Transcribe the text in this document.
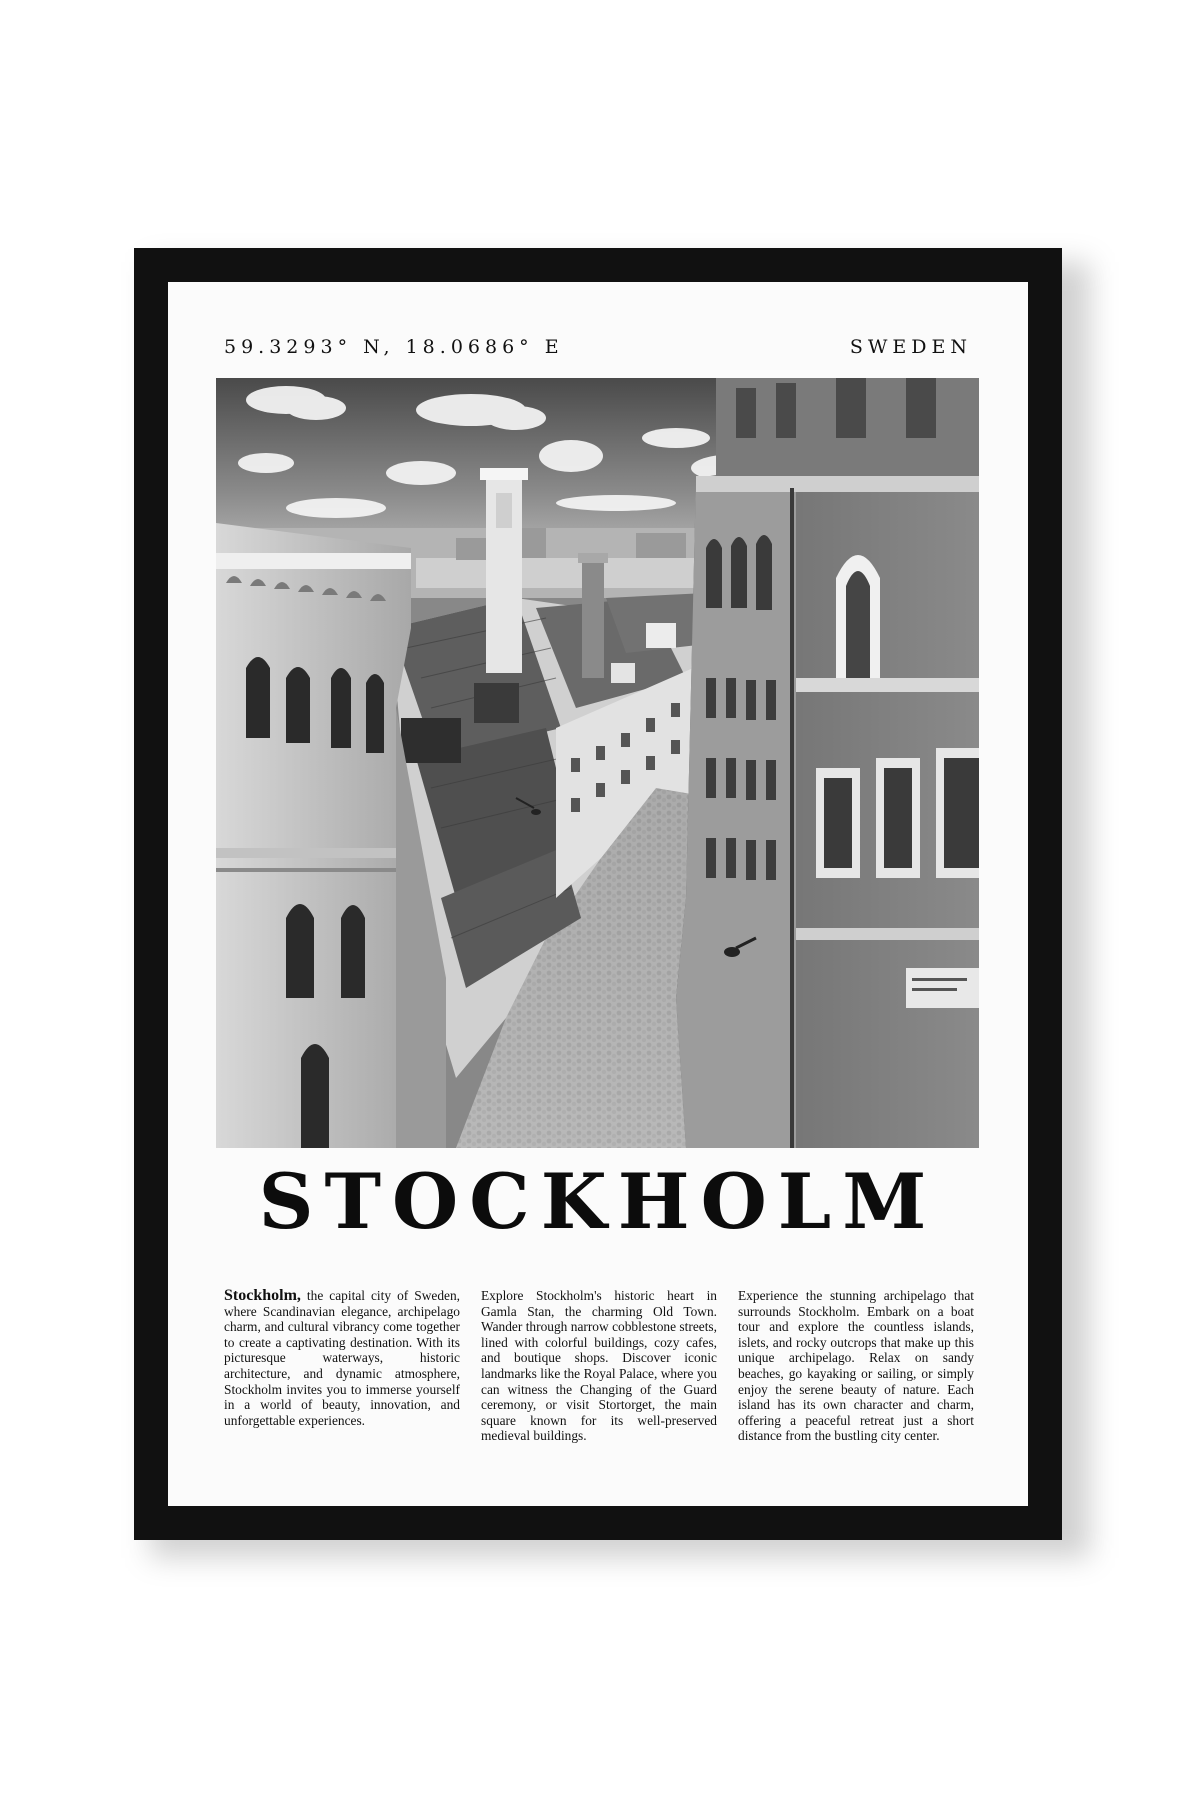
59.3293° N, 18.0686° E	SWEDEN
STOCKHOLM
Stockholm, the capital city of Sweden, where Scandinavian elegance, archipelago charm, and cultural vibrancy come together to create a captivating destination. With its picturesque waterways, historic architecture, and dynamic atmosphere, Stockholm invites you to immerse yourself in a world of beauty, innovation, and unforgettable experiences.
Explore Stockholm's historic heart in Gamla Stan, the charming Old Town. Wander through narrow cobblestone streets, lined with colorful buildings, cozy cafes, and boutique shops. Discover iconic landmarks like the Royal Palace, where you can witness the Changing of the Guard ceremony, or visit Stortorget, the main square known for its well-preserved medieval buildings.
Experience the stunning archipelago that surrounds Stockholm. Embark on a boat tour and explore the countless islands, islets, and rocky outcrops that make up this unique archipelago. Relax on sandy beaches, go kayaking or sailing, or simply enjoy the serene beauty of nature. Each island has its own character and charm, offering a peaceful retreat just a short distance from the bustling city center.
